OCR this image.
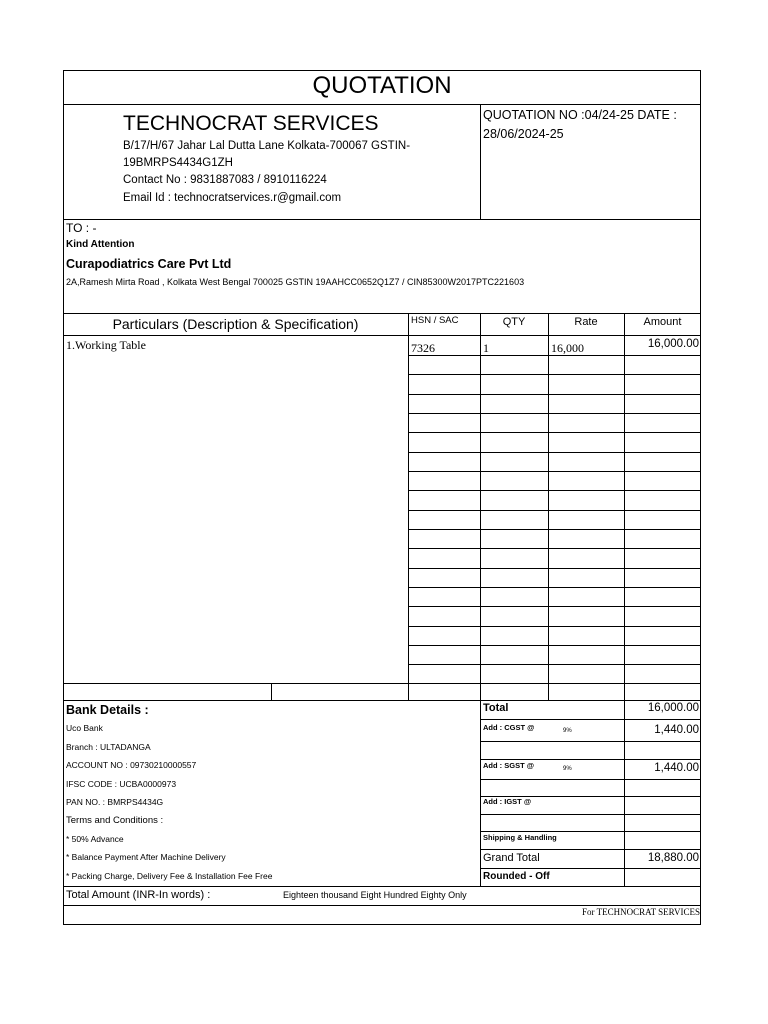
QUOTATION
TECHNOCRAT SERVICES
B/17/H/67 Jahar Lal Dutta Lane Kolkata-700067 GSTIN-
19BMRPS4434G1ZH
Contact No : 9831887083 / 8910116224
Email Id : technocratservices.r@gmail.com
QUOTATION NO :04/24-25 DATE :
28/06/2024-25
TO : -
Kind Attention
Curapodiatrics Care Pvt Ltd
2A,Ramesh Mirta Road , Kolkata West Bengal 700025 GSTIN 19AAHCC0652Q1Z7 / CIN85300W2017PTC221603
Particulars (Description & Specification)	HSN / SAC	QTY	Rate	Amount
1.Working Table	7326	1	16,000	16,000.00
Bank Details :
Uco Bank
Branch : ULTADANGA
ACCOUNT NO : 09730210000557
IFSC CODE : UCBA0000973
PAN NO. : BMRPS4434G
Terms and Conditions :
* 50% Advance
* Balance Payment After Machine Delivery
* Packing Charge, Delivery Fee & Installation Fee Free
Total	16,000.00
Add : CGST @	9%	1,440.00
Add : SGST @	9%	1,440.00
Add : IGST @
Shipping & Handling
Grand Total	18,880.00
Rounded - Off
Total Amount (INR-In words) :	Eighteen thousand Eight Hundred Eighty Only
For TECHNOCRAT SERVICES
